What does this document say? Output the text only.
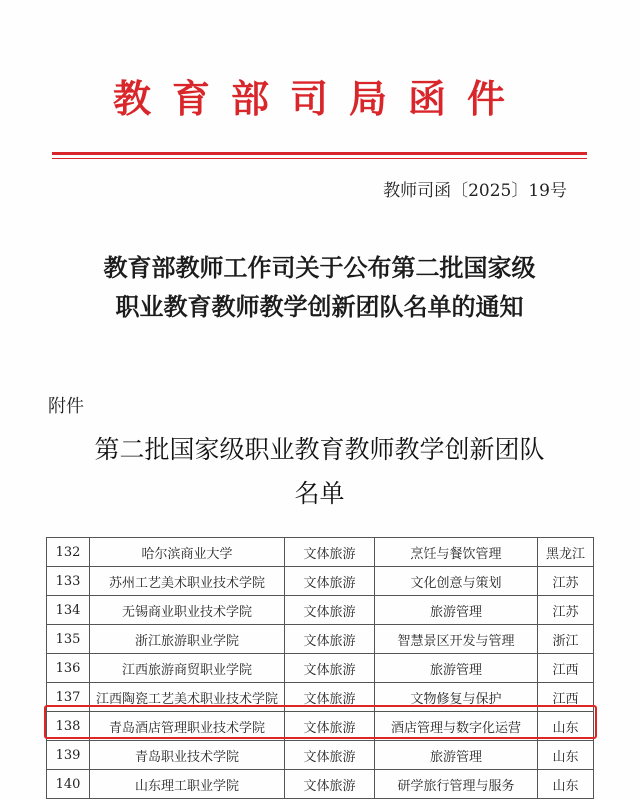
教育部司局函件
教师司函〔2025〕19号
教育部教师工作司关于公布第二批国家级
职业教育教师教学创新团队名单的通知
附件
第二批国家级职业教育教师教学创新团队
名单
132	哈尔滨商业大学	文体旅游	烹饪与餐饮管理	黑龙江
133	苏州工艺美术职业技术学院	文体旅游	文化创意与策划	江苏
134	无锡商业职业技术学院	文体旅游	旅游管理	江苏
135	浙江旅游职业学院	文体旅游	智慧景区开发与管理	浙江
136	江西旅游商贸职业学院	文体旅游	旅游管理	江西
137	江西陶瓷工艺美术职业技术学院	文体旅游	文物修复与保护	江西
138	青岛酒店管理职业技术学院	文体旅游	酒店管理与数字化运营	山东
139	青岛职业技术学院	文体旅游	旅游管理	山东
140	山东理工职业学院	文体旅游	研学旅行管理与服务	山东
